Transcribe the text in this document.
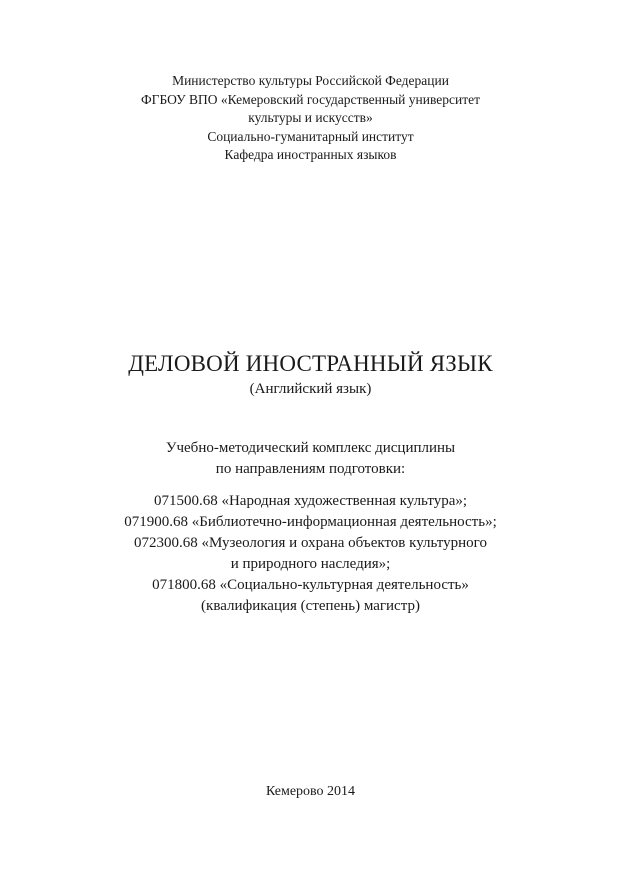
Министерство культуры Российской Федерации
ФГБОУ ВПО «Кемеровский государственный университет
культуры и искусств»
Социально-гуманитарный институт
Кафедра иностранных языков
ДЕЛОВОЙ ИНОСТРАННЫЙ ЯЗЫК
(Английский язык)
Учебно-методический комплекс дисциплины
по направлениям подготовки:
071500.68 «Народная художественная культура»;
071900.68 «Библиотечно-информационная деятельность»;
072300.68 «Музеология и охрана объектов культурного
и природного наследия»;
071800.68 «Социально-культурная деятельность»
(квалификация (степень) магистр)
Кемерово 2014
